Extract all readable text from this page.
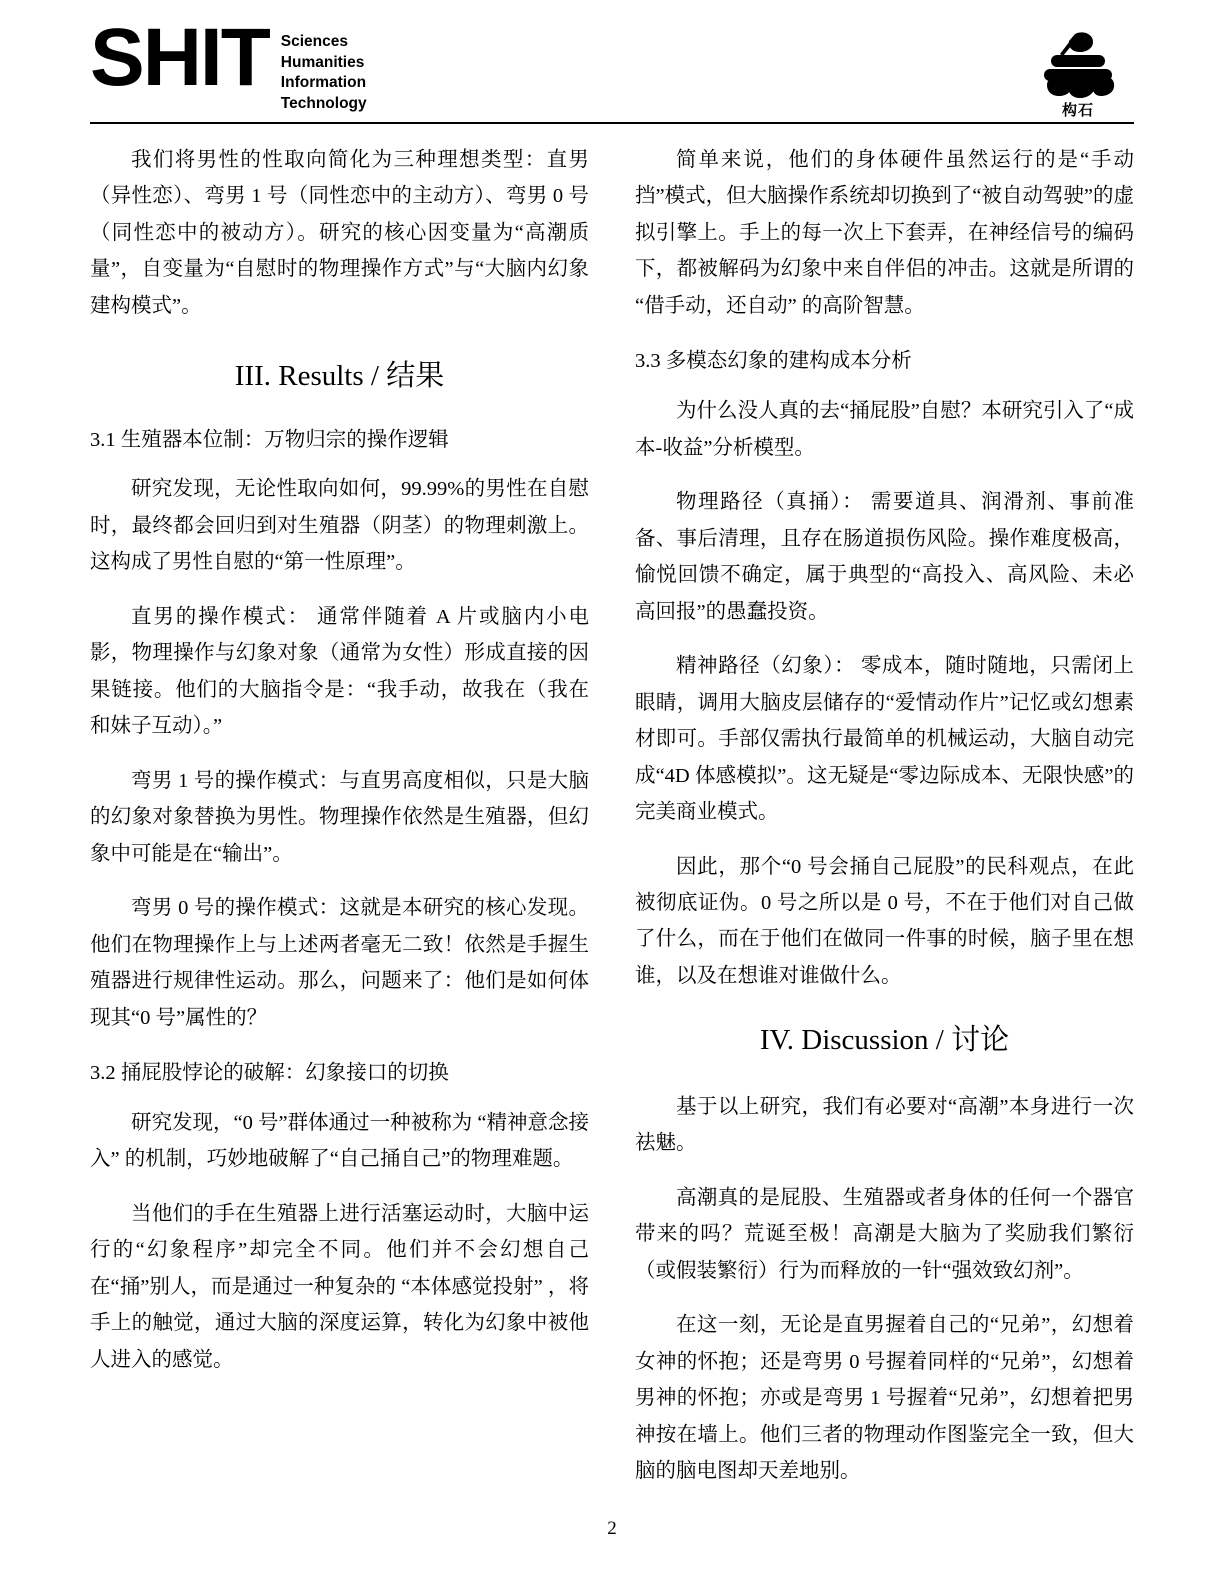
SHIT Sciences
Humanities
Information
Technology	构石

我们将男性的性取向简化为三种理想类型：直男（异性恋）、弯男 1 号（同性恋中的主动方）、弯男 0 号（同性恋中的被动方）。研究的核心因变量为“高潮质量”，自变量为“自慰时的物理操作方式”与“大脑内幻象建构模式”。

III. Results / 结果
3.1 生殖器本位制：万物归宗的操作逻辑

研究发现，无论性取向如何，99.99%的男性在自慰时，最终都会回归到对生殖器（阴茎）的物理刺激上。这构成了男性自慰的“第一性原理”。

直男的操作模式： 通常伴随着 A 片或脑内小电影，物理操作与幻象对象（通常为女性）形成直接的因果链接。他们的大脑指令是：“我手动，故我在（我在和妹子互动）。”

弯男 1 号的操作模式：与直男高度相似，只是大脑的幻象对象替换为男性。物理操作依然是生殖器，但幻象中可能是在“输出”。

弯男 0 号的操作模式：这就是本研究的核心发现。他们在物理操作上与上述两者毫无二致！依然是手握生殖器进行规律性运动。那么，问题来了：他们是如何体现其“0 号”属性的？

3.2 捅屁股悖论的破解：幻象接口的切换

研究发现，“0 号”群体通过一种被称为 “精神意念接入” 的机制，巧妙地破解了“自己捅自己”的物理难题。

当他们的手在生殖器上进行活塞运动时，大脑中运行的“幻象程序”却完全不同。他们并不会幻想自己在“捅”别人，而是通过一种复杂的 “本体感觉投射” ，将手上的触觉，通过大脑的深度运算，转化为幻象中被他人进入的感觉。

简单来说，他们的身体硬件虽然运行的是“手动挡”模式，但大脑操作系统却切换到了“被自动驾驶”的虚拟引擎上。手上的每一次上下套弄，在神经信号的编码下，都被解码为幻象中来自伴侣的冲击。这就是所谓的 “借手动，还自动” 的高阶智慧。

3.3 多模态幻象的建构成本分析

为什么没人真的去“捅屁股”自慰？本研究引入了“成本-收益”分析模型。

物理路径（真捅）： 需要道具、润滑剂、事前准备、事后清理，且存在肠道损伤风险。操作难度极高，愉悦回馈不确定，属于典型的“高投入、高风险、未必高回报”的愚蠢投资。

精神路径（幻象）： 零成本，随时随地，只需闭上眼睛，调用大脑皮层储存的“爱情动作片”记忆或幻想素材即可。手部仅需执行最简单的机械运动，大脑自动完成“4D 体感模拟”。这无疑是“零边际成本、无限快感”的完美商业模式。

因此，那个“0 号会捅自己屁股”的民科观点，在此被彻底证伪。0 号之所以是 0 号，不在于他们对自己做了什么，而在于他们在做同一件事的时候，脑子里在想谁，以及在想谁对谁做什么。

IV. Discussion / 讨论

基于以上研究，我们有必要对“高潮”本身进行一次祛魅。

高潮真的是屁股、生殖器或者身体的任何一个器官带来的吗？荒诞至极！高潮是大脑为了奖励我们繁衍（或假装繁衍）行为而释放的一针“强效致幻剂”。

在这一刻，无论是直男握着自己的“兄弟”，幻想着女神的怀抱；还是弯男 0 号握着同样的“兄弟”，幻想着男神的怀抱；亦或是弯男 1 号握着“兄弟”，幻想着把男神按在墙上。他们三者的物理动作图鉴完全一致，但大脑的脑电图却天差地别。

2
